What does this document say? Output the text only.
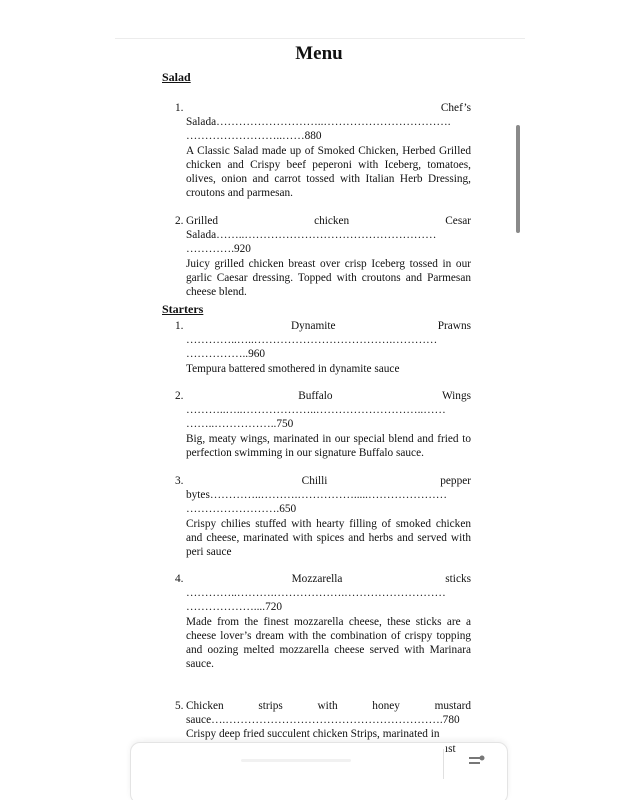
Menu
Salad
1.	Chef’s
Salada………………………..…………………………….
……………………..……880
A Classic Salad made up of Smoked Chicken, Herbed Grilled chicken and Crispy beef peperoni with Iceberg, tomatoes, olives, onion and carrot tossed with Italian Herb Dressing, croutons and parmesan.
2. Grilled	chicken	Cesar
Salada……..……………………………………………
………….920
Juicy grilled chicken breast over crisp Iceberg tossed in our garlic Caesar dressing. Topped with croutons and Parmesan cheese blend.
Starters
1.	Dynamite	Prawns
…………..…..……………………………….…………
……………..960
Tempura battered smothered in dynamite sauce
2.	Buffalo	Wings
………..…..………………..………………………..……
……..……………..750
Big, meaty wings, marinated in our special blend and fried to perfection swimming in our signature Buffalo sauce.
3.	Chilli	pepper
bytes…………..……….…………….....…………………
…………………….650
Crispy chilies stuffed with hearty filling of smoked chicken and cheese, marinated with spices and herbs and served with peri sauce
4.	Mozzarella	sticks
…………..……….……………….………………………
………………....720
Made from the finest mozzarella cheese, these sticks are a cheese lover’s dream with the combination of crispy topping and oozing melted mozzarella cheese served with Marinara sauce.
5. Chicken	strips	with	honey	mustard
sauce….………………………………………………….780
Crispy deep fried succulent chicken Strips, marinated in
ıst
